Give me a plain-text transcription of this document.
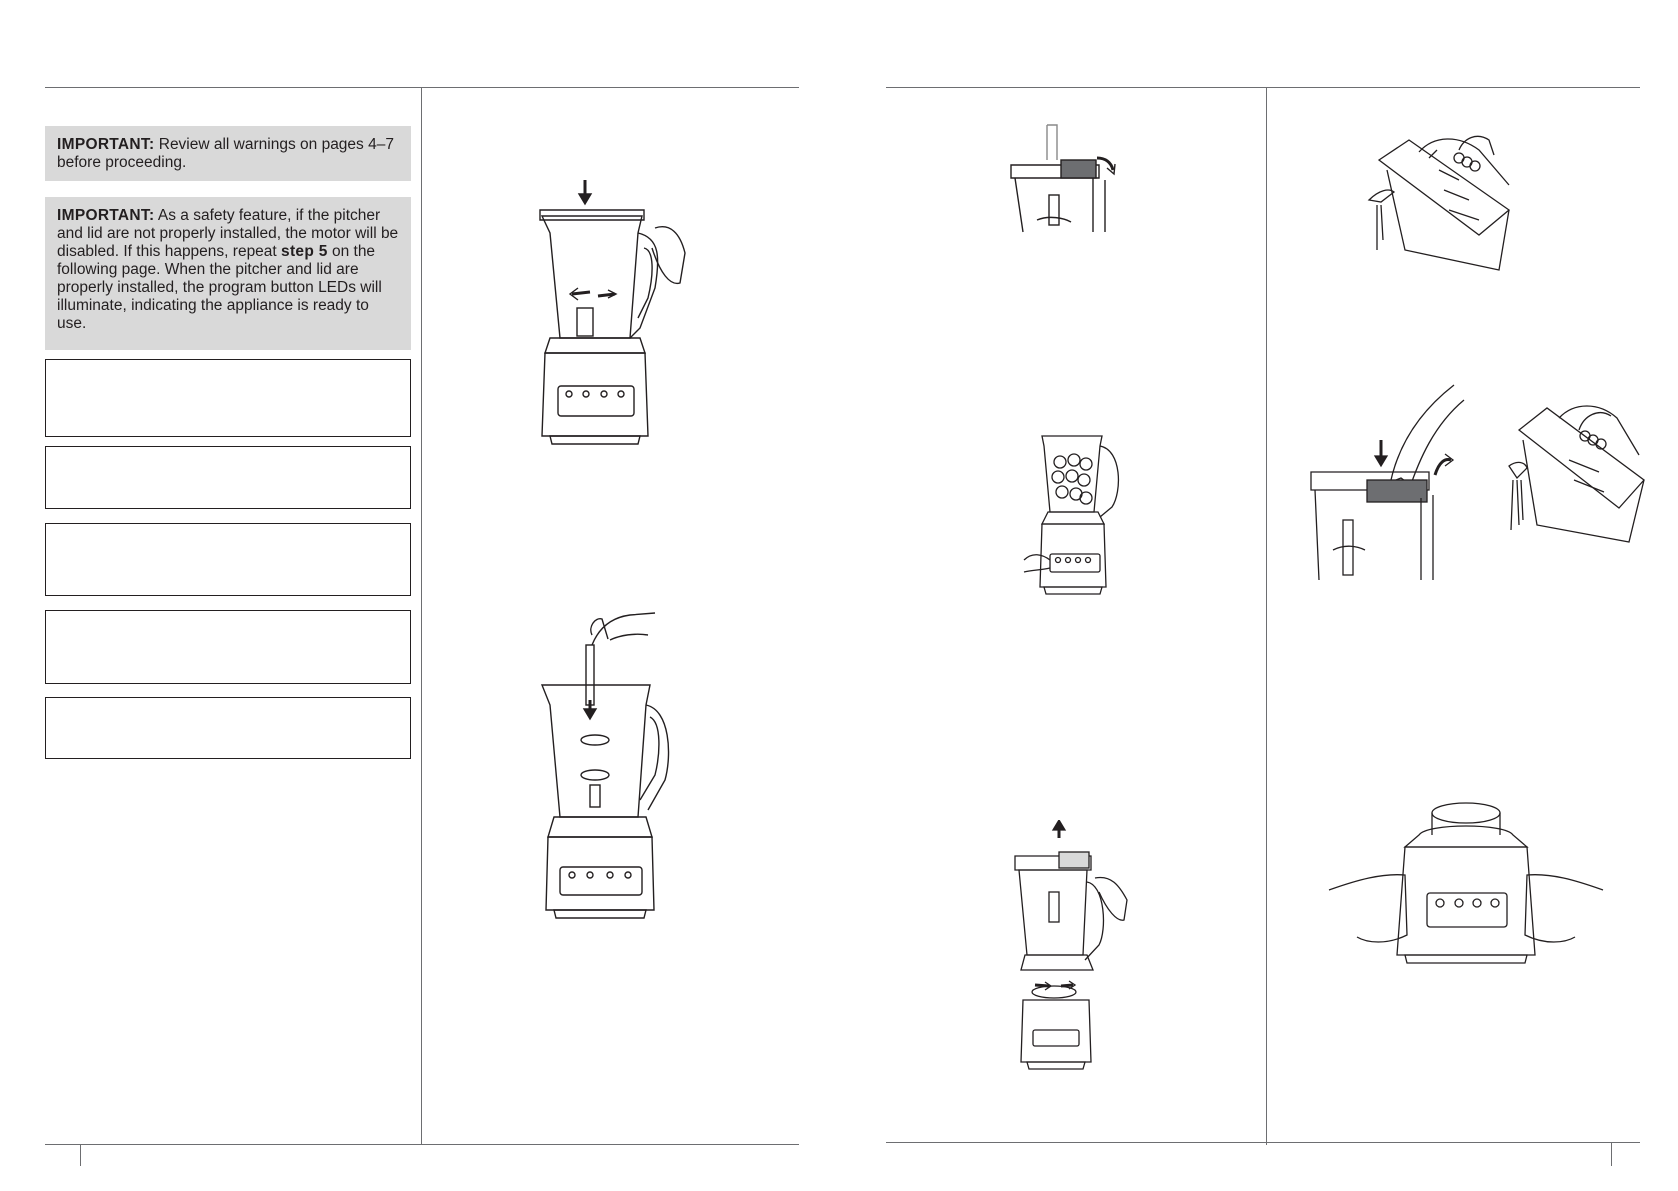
IMPORTANT: Review all warnings on pages 4–7 before proceeding.
IMPORTANT: As a safety feature, if the pitcher and lid are not properly installed, the motor will be disabled. If this happens, repeat step 5 on the following page. When the pitcher and lid are properly installed, the program button LEDs will illuminate, indicating the appliance is ready to use.
